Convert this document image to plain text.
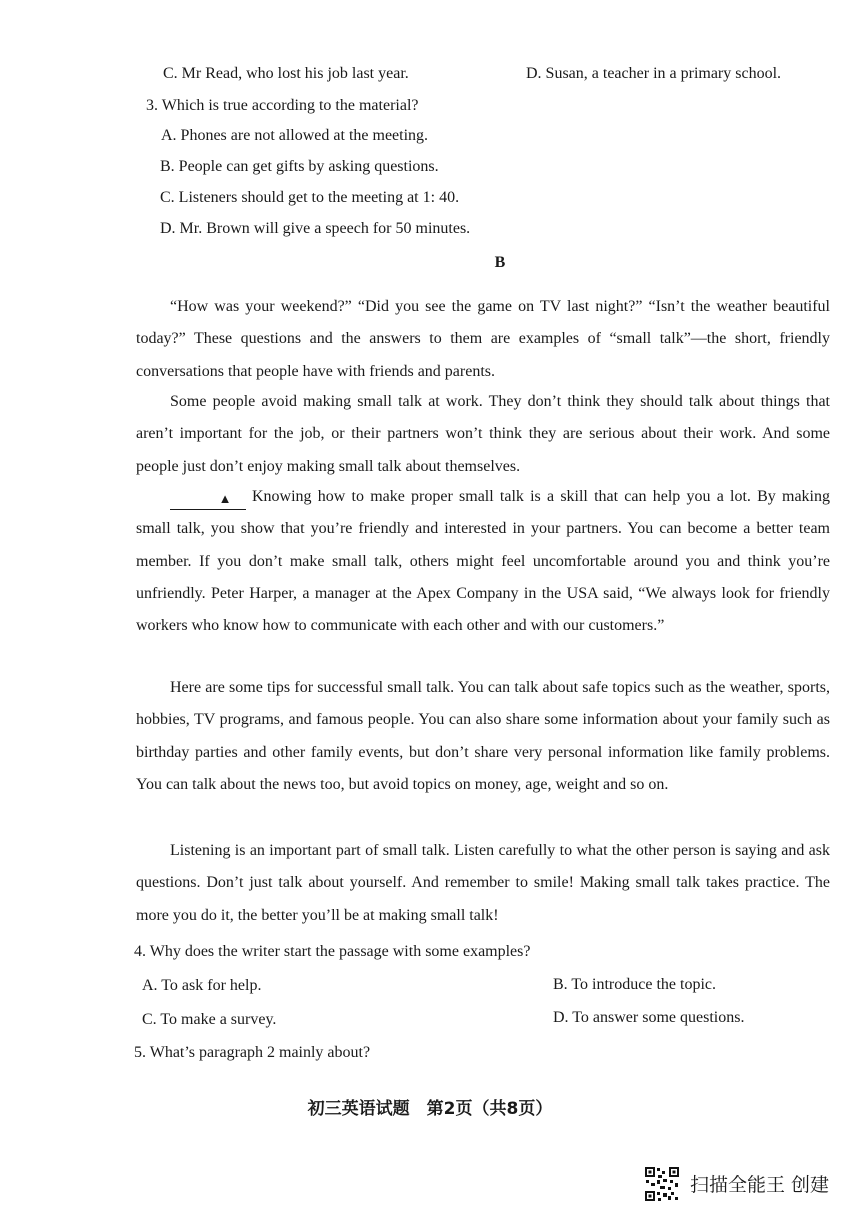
C. Mr Read, who lost his job last year.	D. Susan, a teacher in a primary school.
3. Which is true according to the material?
A. Phones are not allowed at the meeting.
B. People can get gifts by asking questions.
C. Listeners should get to the meeting at 1: 40.
D. Mr. Brown will give a speech for 50 minutes.
B
“How was your weekend?” “Did you see the game on TV last night?” “Isn’t the weather beautiful today?” These questions and the answers to them are examples of “small talk”—the short, friendly conversations that people have with friends and parents.
Some people avoid making small talk at work. They don’t think they should talk about things that aren’t important for the job, or their partners won’t think they are serious about their work. And some people just don’t enjoy making small talk about themselves.
▲ Knowing how to make proper small talk is a skill that can help you a lot. By making small talk, you show that you’re friendly and interested in your partners. You can become a better team member. If you don’t make small talk, others might feel uncomfortable around you and think you’re unfriendly. Peter Harper, a manager at the Apex Company in the USA said, “We always look for friendly workers who know how to communicate with each other and with our customers.”
Here are some tips for successful small talk. You can talk about safe topics such as the weather, sports, hobbies, TV programs, and famous people. You can also share some information about your family such as birthday parties and other family events, but don’t share very personal information like family problems. You can talk about the news too, but avoid topics on money, age, weight and so on.
Listening is an important part of small talk. Listen carefully to what the other person is saying and ask questions. Don’t just talk about yourself. And remember to smile! Making small talk takes practice. The more you do it, the better you’ll be at making small talk!
4. Why does the writer start the passage with some examples?
A. To ask for help.	B. To introduce the topic.
C. To make a survey.	D. To answer some questions.
5. What’s paragraph 2 mainly about?
初三英语试题　第2页（共8页）
扫描全能王 创建
